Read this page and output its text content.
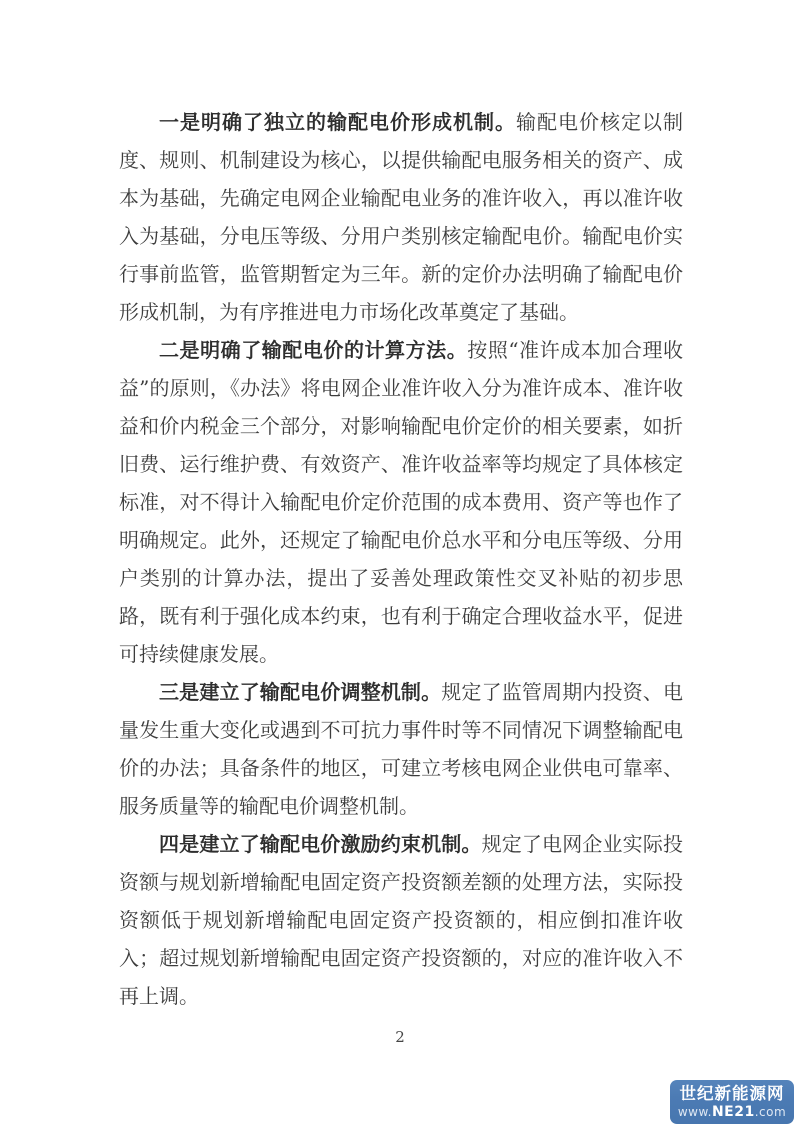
一是明确了独立的输配电价形成机制。输配电价核定以制度、规则、机制建设为核心，以提供输配电服务相关的资产、成本为基础，先确定电网企业输配电业务的准许收入，再以准许收入为基础，分电压等级、分用户类别核定输配电价。输配电价实行事前监管，监管期暂定为三年。新的定价办法明确了输配电价形成机制，为有序推进电力市场化改革奠定了基础。

二是明确了输配电价的计算方法。按照“准许成本加合理收益”的原则，《办法》将电网企业准许收入分为准许成本、准许收益和价内税金三个部分，对影响输配电价定价的相关要素，如折旧费、运行维护费、有效资产、准许收益率等均规定了具体核定标准，对不得计入输配电价定价范围的成本费用、资产等也作了明确规定。此外，还规定了输配电价总水平和分电压等级、分用户类别的计算办法，提出了妥善处理政策性交叉补贴的初步思路，既有利于强化成本约束，也有利于确定合理收益水平，促进可持续健康发展。

三是建立了输配电价调整机制。规定了监管周期内投资、电量发生重大变化或遇到不可抗力事件时等不同情况下调整输配电价的办法；具备条件的地区，可建立考核电网企业供电可靠率、服务质量等的输配电价调整机制。

四是建立了输配电价激励约束机制。规定了电网企业实际投资额与规划新增输配电固定资产投资额差额的处理方法，实际投资额低于规划新增输配电固定资产投资额的，相应倒扣准许收入；超过规划新增输配电固定资产投资额的，对应的准许收入不再上调。

2
世纪新能源网
www.NE21.com
